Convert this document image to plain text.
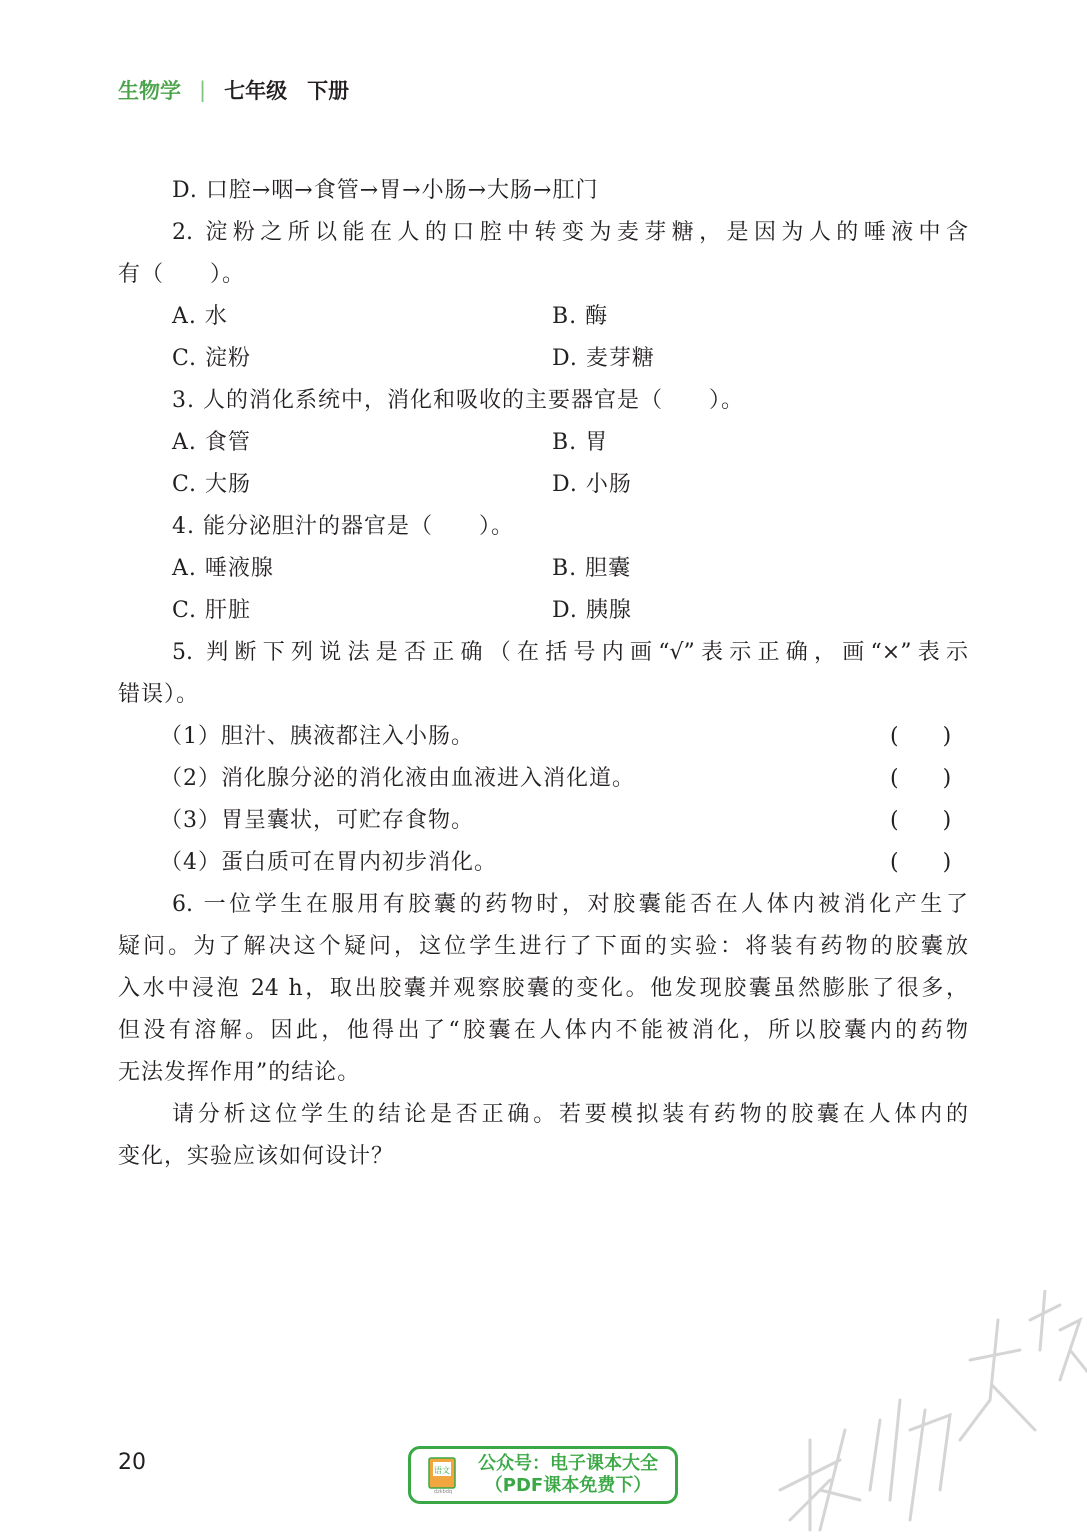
生物学 | 七年级 下册
D. 口腔→咽→食管→胃→小肠→大肠→肛门
2. 淀粉之所以能在人的口腔中转变为麦芽糖，是因为人的唾液中含
有（　　）。
A. 水	B. 酶
C. 淀粉	D. 麦芽糖
3. 人的消化系统中，消化和吸收的主要器官是（　　）。
A. 食管	B. 胃
C. 大肠	D. 小肠
4. 能分泌胆汁的器官是（　　）。
A. 唾液腺	B. 胆囊
C. 肝脏	D. 胰腺
5. 判断下列说法是否正确（在括号内画“√”表示正确，画“×”表示
错误）。
（1）胆汁、胰液都注入小肠。	(　　)
（2）消化腺分泌的消化液由血液进入消化道。	(　　)
（3）胃呈囊状，可贮存食物。	(　　)
（4）蛋白质可在胃内初步消化。	(　　)
6. 一位学生在服用有胶囊的药物时，对胶囊能否在人体内被消化产生了
疑问。为了解决这个疑问，这位学生进行了下面的实验：将装有药物的胶囊放
入水中浸泡 24 h，取出胶囊并观察胶囊的变化。他发现胶囊虽然膨胀了很多，
但没有溶解。因此，他得出了“胶囊在人体内不能被消化，所以胶囊内的药物
无法发挥作用”的结论。
请分析这位学生的结论是否正确。若要模拟装有药物的胶囊在人体内的
变化，实验应该如何设计？
20	语文
dzkbdq
公众号：电子课本大全
（PDF课本免费下）
